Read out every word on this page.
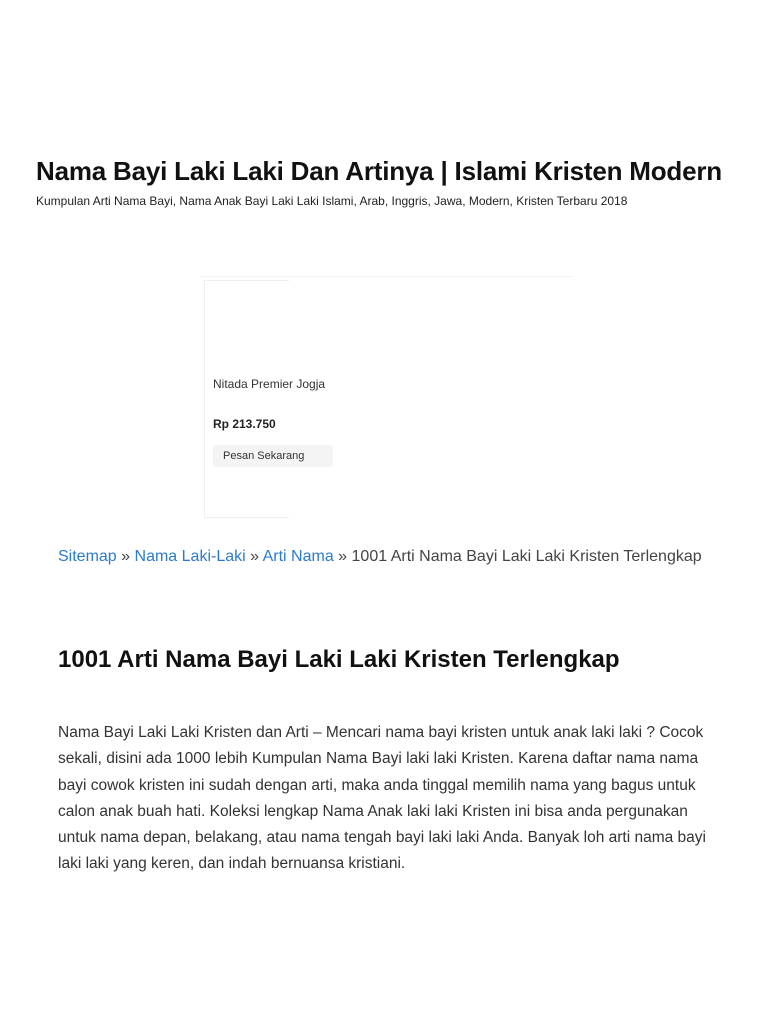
Nama Bayi Laki Laki Dan Artinya | Islami Kristen Modern

Kumpulan Arti Nama Bayi, Nama Anak Bayi Laki Laki Islami, Arab, Inggris, Jawa, Modern, Kristen Terbaru 2018

Nitada Premier Jogja
Rp 213.750
Pesan Sekarang
Sitemap » Nama Laki-Laki » Arti Nama » 1001 Arti Nama Bayi Laki Laki Kristen Terlengkap
1001 Arti Nama Bayi Laki Laki Kristen Terlengkap

Nama Bayi Laki Laki Kristen dan Arti – Mencari nama bayi kristen untuk anak laki laki ? Cocok sekali, disini ada 1000 lebih Kumpulan Nama Bayi laki laki Kristen. Karena daftar nama nama bayi cowok kristen ini sudah dengan arti, maka anda tinggal memilih nama yang bagus untuk calon anak buah hati. Koleksi lengkap Nama Anak laki laki Kristen ini bisa anda pergunakan untuk nama depan, belakang, atau nama tengah bayi laki laki Anda. Banyak loh arti nama bayi laki laki yang keren, dan indah bernuansa kristiani.
